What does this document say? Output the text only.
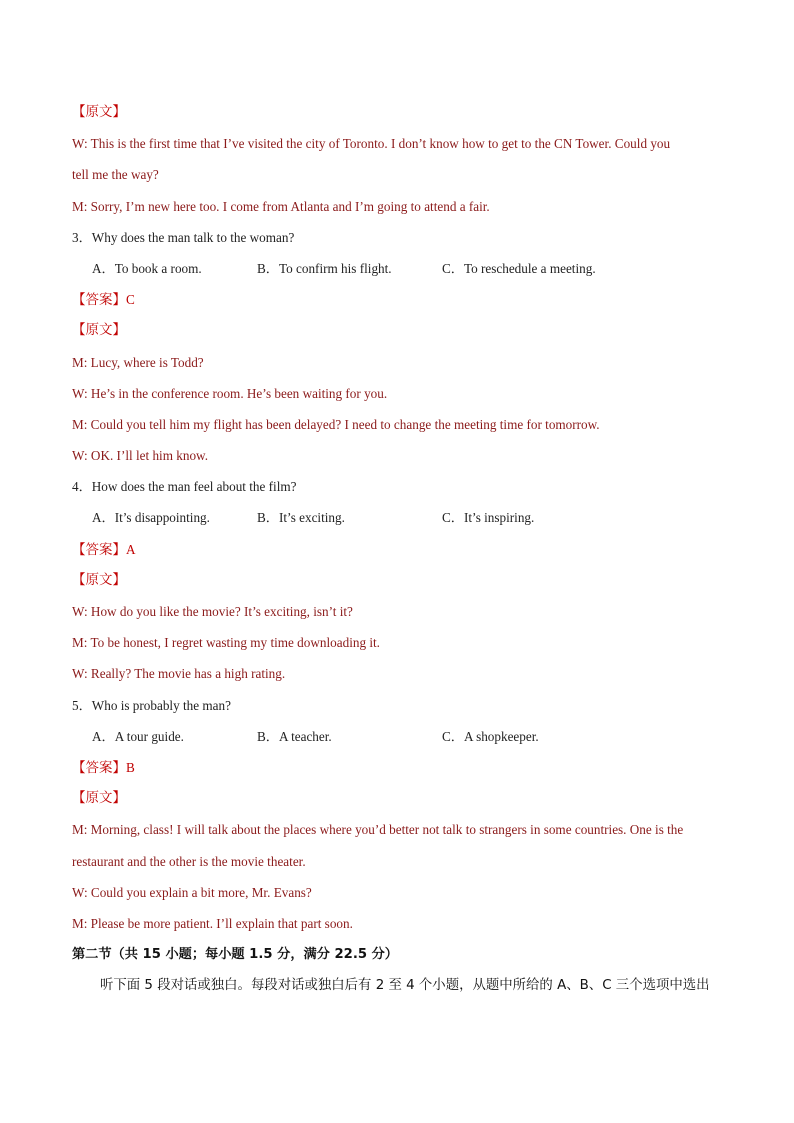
【原文】
W: This is the first time that I’ve visited the city of Toronto. I don’t know how to get to the CN Tower. Could you
tell me the way?
M: Sorry, I’m new here too. I come from Atlanta and I’m going to attend a fair.
3．Why does the man talk to the woman?
A．To book a room.	B．To confirm his flight.	C．To reschedule a meeting.
【答案】C
【原文】
M: Lucy, where is Todd?
W: He’s in the conference room. He’s been waiting for you.
M: Could you tell him my flight has been delayed? I need to change the meeting time for tomorrow.
W: OK. I’ll let him know.
4．How does the man feel about the film?
A．It’s disappointing.	B．It’s exciting.	C．It’s inspiring.
【答案】A
【原文】
W: How do you like the movie? It’s exciting, isn’t it?
M: To be honest, I regret wasting my time downloading it.
W: Really? The movie has a high rating.
5．Who is probably the man?
A．A tour guide.	B．A teacher.	C．A shopkeeper.
【答案】B
【原文】
M: Morning, class! I will talk about the places where you’d better not talk to strangers in some countries. One is the
restaurant and the other is the movie theater.
W: Could you explain a bit more, Mr. Evans?
M: Please be more patient. I’ll explain that part soon.
第二节（共 15 小题；每小题 1.5 分，满分 22.5 分）
听下面 5 段对话或独白。每段对话或独白后有 2 至 4 个小题，从题中所给的 A、B、C 三个选项中选出
